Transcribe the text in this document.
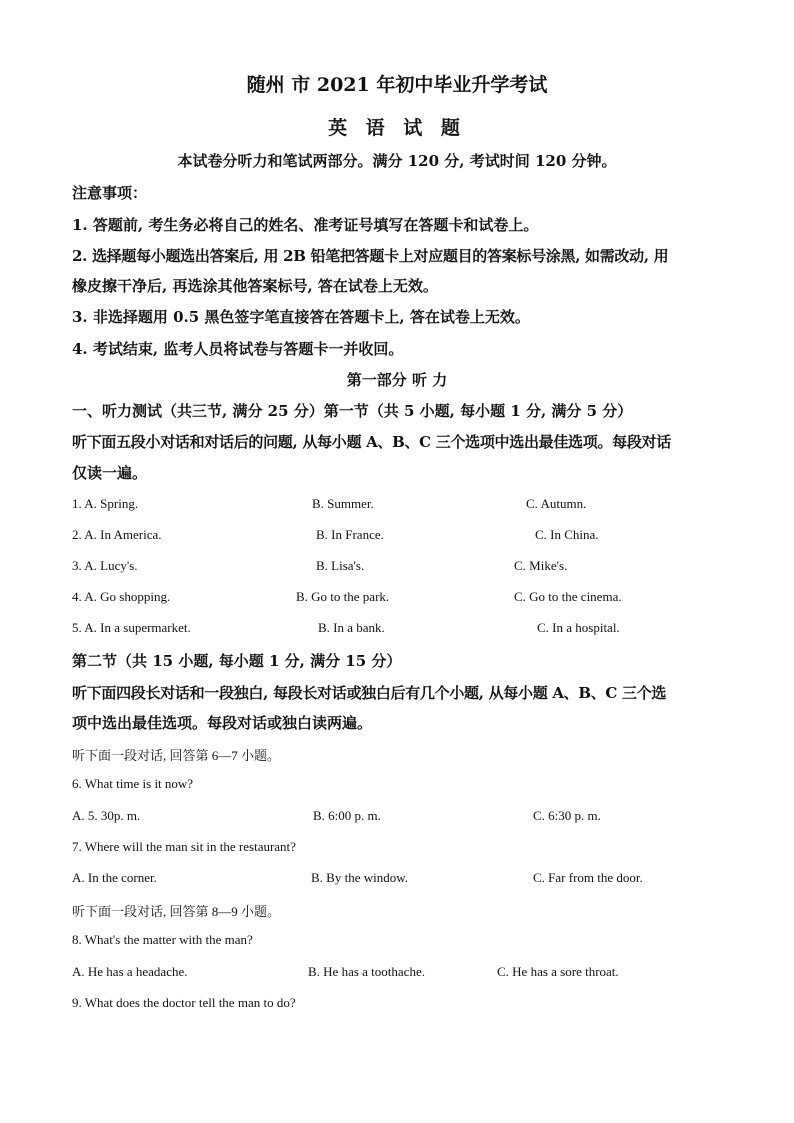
随州 市 2021 年初中毕业升学考试
英 语 试 题
本试卷分听力和笔试两部分。满分 120 分, 考试时间 120 分钟。
注意事项：
1. 答题前, 考生务必将自己的姓名、准考证号填写在答题卡和试卷上。
2. 选择题每小题选出答案后, 用 2B 铅笔把答题卡上对应题目的答案标号涂黑, 如需改动, 用
橡皮擦干净后, 再选涂其他答案标号, 答在试卷上无效。
3. 非选择题用 0.5 黑色签字笔直接答在答题卡上, 答在试卷上无效。
4. 考试结束, 监考人员将试卷与答题卡一并收回。
第一部分 听 力
一、听力测试（共三节, 满分 25 分）第一节（共 5 小题, 每小题 1 分, 满分 5 分）
听下面五段小对话和对话后的问题, 从每小题 A、B、C 三个选项中选出最佳选项。每段对话
仅读一遍。
1. A. Spring.	B. Summer.	C. Autumn.
2. A. In America.	B. In France.	C. In China.
3. A. Lucy's.	B. Lisa's.	C. Mike's.
4. A. Go shopping.	B. Go to the park.	C. Go to the cinema.
5. A. In a supermarket.	B. In a bank.	C. In a hospital.
第二节（共 15 小题, 每小题 1 分, 满分 15 分）
听下面四段长对话和一段独白, 每段长对话或独白后有几个小题, 从每小题 A、B、C 三个选
项中选出最佳选项。每段对话或独白读两遍。
听下面一段对话, 回答第 6—7 小题。
6. What time is it now?
A. 5. 30p. m.	B. 6:00 p. m.	C. 6:30 p. m.
7. Where will the man sit in the restaurant?
A. In the corner.	B. By the window.	C. Far from the door.
听下面一段对话, 回答第 8—9 小题。
8. What's the matter with the man?
A. He has a headache.	B. He has a toothache.	C. He has a sore throat.
9. What does the doctor tell the man to do?
